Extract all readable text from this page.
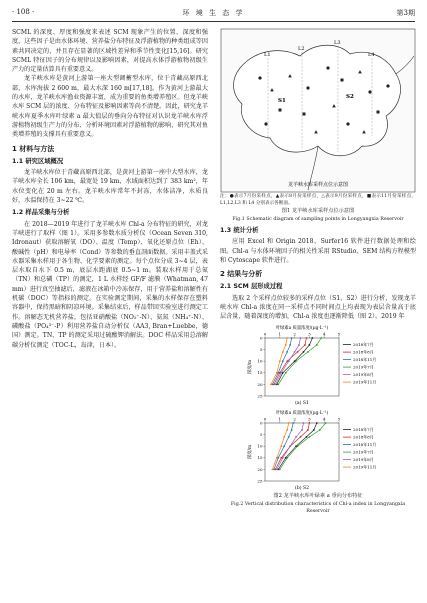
· 108 ·	环 境 生 态 学	第3期

SCML 的深度、厚度和强度来表述 SCM 现象产生的位置、深度和强度，这些因子是由水体环境、营养盐分布特征及浮游植物的种类组成等因素共同决定的，并且存在显著的区域性差异和季节性变化[15,16]。研究 SCML 特征因子的分布规律以及影响因素，对提高水体浮游植物初级生产力的定量估算具有重要意义。

龙羊峡水库是黄河上游第一座大型调蓄型水库，位于青藏高原西北部，水库海拔 2 600 m，最大水深 160 m[17,18]。作为黄河上游最大的水库，龙羊峡水库渔业资源丰富，成为重要的鱼类增养殖区。但龙羊峡水库 SCM 层的浓度、分布特征及影响因素等尚不清楚。因此，研究龙羊峡水库夏季水库叶绿素 a 最大值层的垂向分布特征对认识龙羊峡水库浮游植物初级生产力的分布、分析环境因素对浮游植物的影响，研究其对鱼类增养殖的支撑具有重要意义。

1 材料与方法
1.1 研究区域概况

龙羊峡水库位于青藏高原西北部，是黄河上游第一座中大型水库，龙羊峡水库全长 106 km，最宽处 19 km，水域面积达到了 383 km²，年水位变化在 20 m 左右。龙羊峡水库常年不封冻，水体洁净，水质良好，水温保持在 3~22 ℃。

1.2 样品采集与分析

在 2018—2019 年进行了龙羊峡水库 Chl-a 分布特征的研究，对龙羊峡进行了取样（图 1）。采用多参数水质分析仪（Ocean Seven 310, Idronaut）获取溶解氧（DO）、温度（Temp）、氧化还原点位（Eh）、酸碱性（pH）和电导率（Cond）等参数的垂直剖面数据。采用丰盖式采水器采集水样用于各生物、化学要素的测定。每个点位分成 3~4 层，表层水取自水下 0.5 m，底层水距湖底 0.5~1 m。装取水样用于总氮（TN）和总磷（TP）的测定，1 L 水样经 GF/F 滤膜（Whatman, 47 mm）进行真空抽滤后，滤液在冰箱中冷冻保存，用于营养盐和溶解性有机碳（DOC）等指标的测定。在实验测定期间，采集的水样保存在塑料容器中，保持黑暗和阴凉环境。采集结束后，样品带回实验室进行测定工作。溶解态无机营养盐，包括亚硝酸盐（NO₂⁻-N）、氨氮（NH₄⁺-N）、磷酸盐（PO₄³⁻-P）利用营养盐自动分析仪（AA3, Bran+Luebbe，德国）测定。TN、TP 的测定采用过硫酸钾消解法。DOC 样品采用总溶解碳分析仪测定（TOC-L，岛津，日本）。

L1
L2
L3
L4
S1
S2
龙羊峡水库采样点位示意图
注：●表示7月份采样点，▲表示8月份采样点，△表示9月份采样点，■表示11月份采样点，L1,L2,L3 和 L4 分别表示各断面。
图1 龙羊峡水库采样点位示意图
Fig.1 Schematic diagram of sampling points in Longyangxia Reservoir
1.3 统计分析

应用 Excel 和 Origin 2018、Surfer16 软件进行数据处理和绘图。Chl-a 与水体环境因子的相关性采用 RStudio、SEM 结构方程模型和 Cytoscape 软件进行。

2 结果与分析
2.1 SCM 层形成过程

选取 2 个采样点位较多的采样点位（S1、S2）进行分析，发现龙羊峡水库 Chl-a 浓度在同一采样点不同时间点上均表现为表层含量高于底层含量，随着深度的增加，Chl-a 浓度也逐渐降低（图 2）。2019 年

叶绿素a 质量浓度/(μg·L⁻¹)
0	1	2	3	4	5
0
5
10
15
20
25
深度/m
2018年7月
2018年8月
2018年11月
2019年7月
2019年8月
2019年11月
(a) S1
叶绿素a 质量浓度/(μg·L⁻¹)
0	1	2	3	4	5
0
5
10
15
20
25
深度/m
2018年7月
2018年8月
2018年11月
2019年7月
2019年8月
2019年11月
(b) S2
图2 龙羊峡水库叶绿素 a 垂向分布特征
Fig.2 Vertical distribution characteristics of Chl-a index in Longyangxia Reservoir
